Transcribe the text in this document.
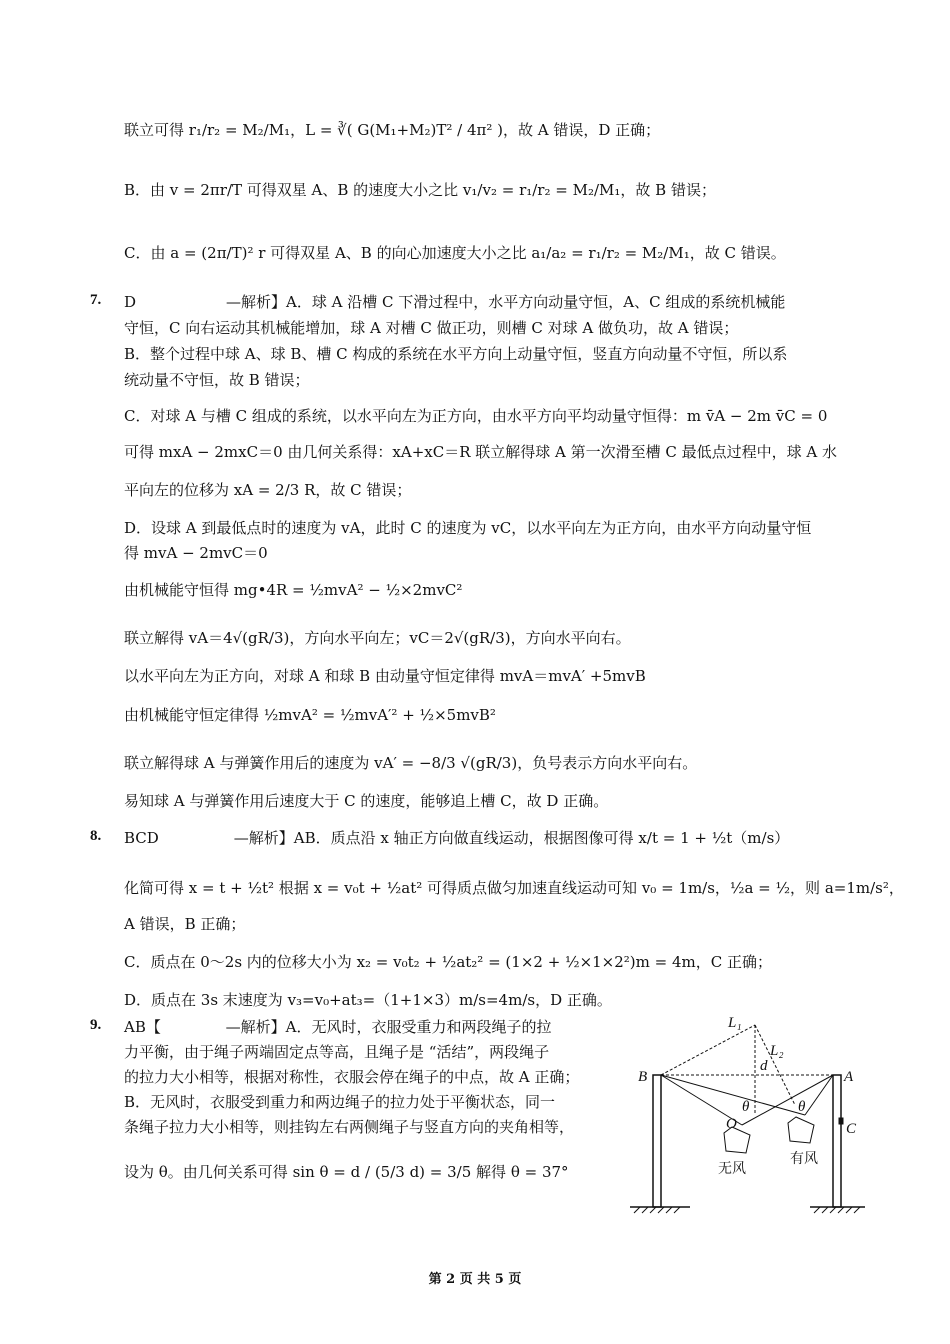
联立可得 r₁/r₂ = M₂/M₁，L = ∛( G(M₁+M₂)T² / 4π² )，故 A 错误，D 正确；
B．由 v = 2πr/T 可得双星 A、B 的速度大小之比 v₁/v₂ = r₁/r₂ = M₂/M₁，故 B 错误；
C．由 a = (2π/T)² r 可得双星 A、B 的向心加速度大小之比 a₁/a₂ = r₁/r₂ = M₂/M₁，故 C 错误。
7. D　　　　　　—解析】A．球 A 沿槽 C 下滑过程中，水平方向动量守恒，A、C 组成的系统机械能
守恒，C 向右运动其机械能增加，球 A 对槽 C 做正功，则槽 C 对球 A 做负功，故 A 错误；
B．整个过程中球 A、球 B、槽 C 构成的系统在水平方向上动量守恒，竖直方向动量不守恒，所以系
统动量不守恒，故 B 错误；
C．对球 A 与槽 C 组成的系统，以水平向左为正方向，由水平方向平均动量守恒得：m v̄A − 2m v̄C = 0
可得 mxA − 2mxC＝0 由几何关系得：xA+xC＝R 联立解得球 A 第一次滑至槽 C 最低点过程中，球 A 水
平向左的位移为 xA = 2/3 R，故 C 错误；
D．设球 A 到最低点时的速度为 vA，此时 C 的速度为 vC，以水平向左为正方向，由水平方向动量守恒
得 mvA − 2mvC＝0
由机械能守恒得 mg•4R = ½mvA² − ½×2mvC²
联立解得 vA＝4√(gR/3)，方向水平向左；vC＝2√(gR/3)，方向水平向右。
以水平向左为正方向，对球 A 和球 B 由动量守恒定律得 mvA＝mvA′ +5mvB
由机械能守恒定律得 ½mvA² = ½mvA′² + ½×5mvB²
联立解得球 A 与弹簧作用后的速度为 vA′ = −8/3 √(gR/3)，负号表示方向水平向右。
易知球 A 与弹簧作用后速度大于 C 的速度，能够追上槽 C，故 D 正确。
8. BCD　　　　　—解析】AB．质点沿 x 轴正方向做直线运动，根据图像可得 x/t = 1 + ½t（m/s）
化简可得 x = t + ½t² 根据 x = v₀t + ½at² 可得质点做匀加速直线运动可知 v₀ = 1m/s，½a = ½，则 a=1m/s²，
A 错误，B 正确；
C．质点在 0～2s 内的位移大小为 x₂ = v₀t₂ + ½at₂² = (1×2 + ½×1×2²)m = 4m，C 正确；
D．质点在 3s 末速度为 v₃=v₀+at₃=（1+1×3）m/s=4m/s，D 正确。
9. AB【　　　　 —解析】A．无风时，衣服受重力和两段绳子的拉
力平衡，由于绳子两端固定点等高，且绳子是 “活结”，两段绳子
的拉力大小相等，根据对称性，衣服会停在绳子的中点，故 A 正确；
B．无风时，衣服受到重力和两边绳子的拉力处于平衡状态，同一
条绳子拉力大小相等，则挂钩左右两侧绳子与竖直方向的夹角相等，
设为 θ。由几何关系可得 sin θ = d / (5/3 d) = 3/5 解得 θ = 37°
L₁
L₂
d
B	A
C
O
θ	θ
无风
有风
第 2 页 共 5 页
